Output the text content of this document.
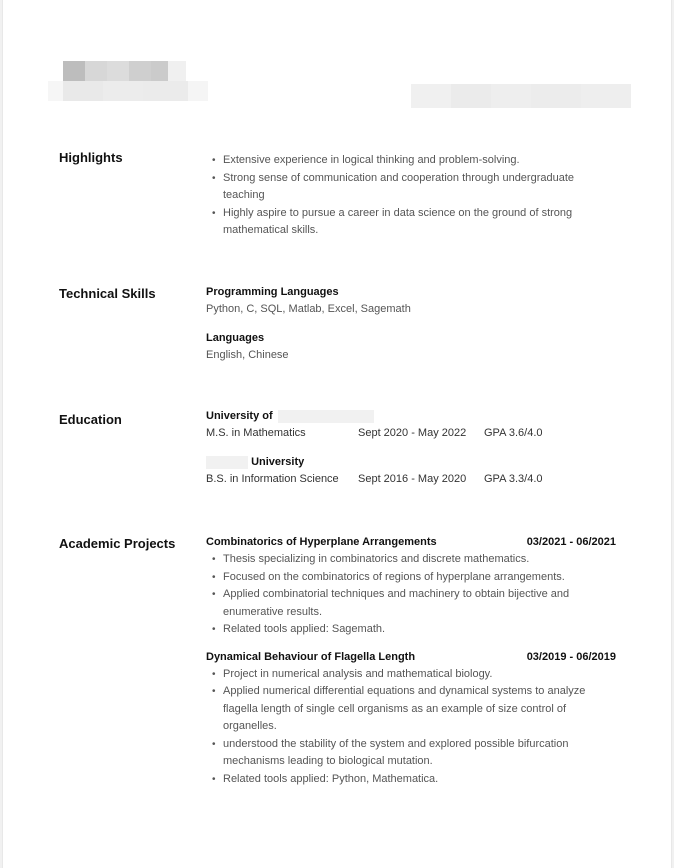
Highlights
•	Extensive experience in logical thinking and problem-solving.
• Strong sense of communication and cooperation through undergraduate teaching
• Highly aspire to pursue a career in data science on the ground of strong mathematical skills.
Technical Skills	Programming Languages
Python, C, SQL, Matlab, Excel, Sagemath
Languages
English, Chinese
Education	University of
M.S. in Mathematics	Sept 2020 - May 2022 GPA 3.6/4.0
University
B.S. in Information Science Sept 2016 - May 2020 GPA 3.3/4.0
Academic Projects	Combinatorics of Hyperplane Arrangements	03/2021 - 06/2021
• Thesis specializing in combinatorics and discrete mathematics.
• Focused on the combinatorics of regions of hyperplane arrangements.
• Applied combinatorial techniques and machinery to obtain bijective and enumerative results.
• Related tools applied: Sagemath.
Dynamical Behaviour of Flagella Length	03/2019 - 06/2019
• Project in numerical analysis and mathematical biology.
• Applied numerical differential equations and dynamical systems to analyze flagella length of single cell organisms as an example of size control of organelles.
• understood the stability of the system and explored possible bifurcation mechanisms leading to biological mutation.
• Related tools applied: Python, Mathematica.
